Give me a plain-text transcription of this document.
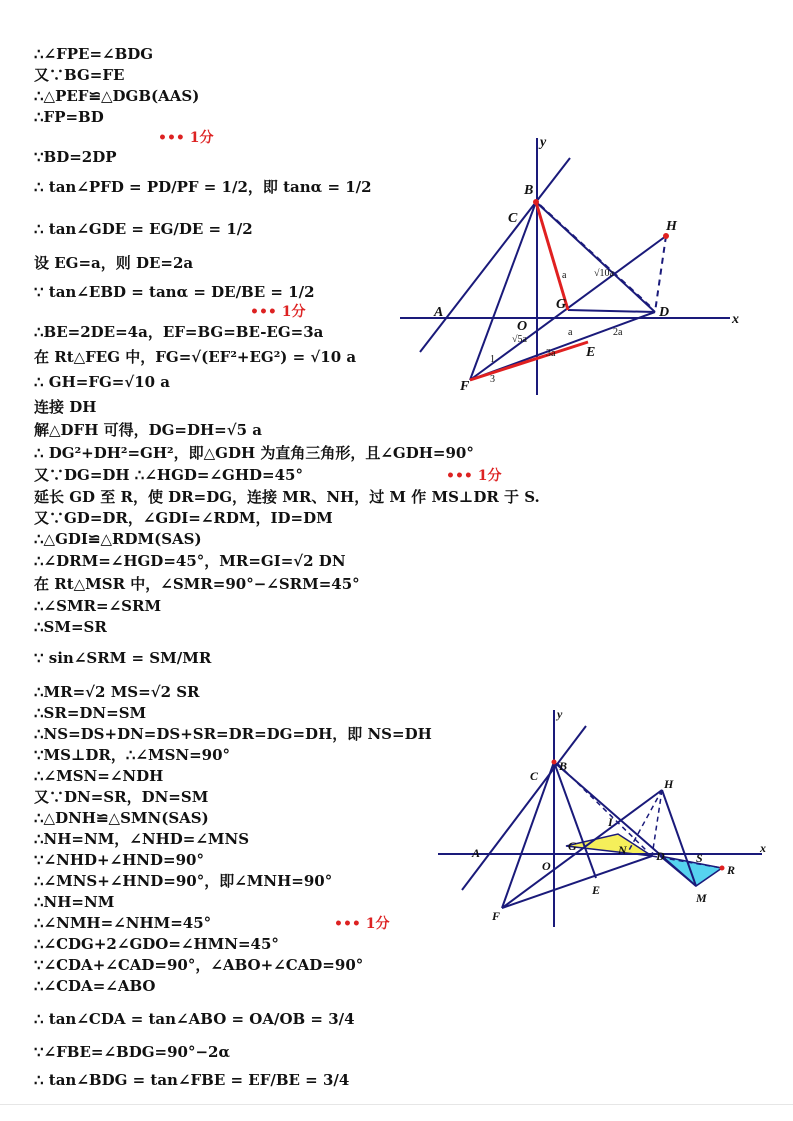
∴∠FPE=∠BDG
又∵BG=FE
∴△PEF≌△DGB(AAS)
∴FP=BD
••• 1分
∵BD=2DP
∴ tan∠PFD = PD/PF = 1/2，即 tanα = 1/2
∴ tan∠GDE = EG/DE = 1/2
设 EG=a，则 DE=2a
∵ tan∠EBD = tanα = DE/BE = 1/2
••• 1分
∴BE=2DE=4a，EF=BG=BE-EG=3a
在 Rt△FEG 中，FG=√(EF²+EG²) = √10 a
∴ GH=FG=√10 a
连接 DH
解△DFH 可得，DG=DH=√5 a
∴ DG²+DH²=GH²，即△GDH 为直角三角形，且∠GDH=90°
又∵DG=DH ∴∠HGD=∠GHD=45°	••• 1分
延长 GD 至 R，使 DR=DG，连接 MR、NH，过 M 作 MS⊥DR 于 S.
又∵GD=DR，∠GDI=∠RDM，ID=DM
∴△GDI≌△RDM(SAS)
∴∠DRM=∠HGD=45°，MR=GI=√2 DN
在 Rt△MSR 中，∠SMR=90°−∠SRM=45°
∴∠SMR=∠SRM
∴SM=SR
∵ sin∠SRM = SM/MR
∴MR=√2 MS=√2 SR
∴SR=DN=SM
∴NS=DS+DN=DS+SR=DR=DG=DH，即 NS=DH
∵MS⊥DR，∴∠MSN=90°
∴∠MSN=∠NDH
又∵DN=SR，DN=SM
∴△DNH≌△SMN(SAS)
∴NH=NM，∠NHD=∠MNS
∵∠NHD+∠HND=90°
∴∠MNS+∠HND=90°，即∠MNH=90°
∴NH=NM
∴∠NMH=∠NHM=45°	••• 1分
∴∠CDG+2∠GDO=∠HMN=45°
∵∠CDA+∠CAD=90°，∠ABO+∠CAD=90°
∴∠CDA=∠ABO
∴ tan∠CDA = tan∠ABO = OA/OB = 3/4
∵∠FBE=∠BDG=90°−2α
∴ tan∠BDG = tan∠FBE = EF/BE = 3/4
y
x
B
C
H
A
G
D
O
E
F
a
a	2a
3a
√10a
√5a
1
3
y
x
B
C
H
A	G
I
N
O
D
E
F
S
R
M
